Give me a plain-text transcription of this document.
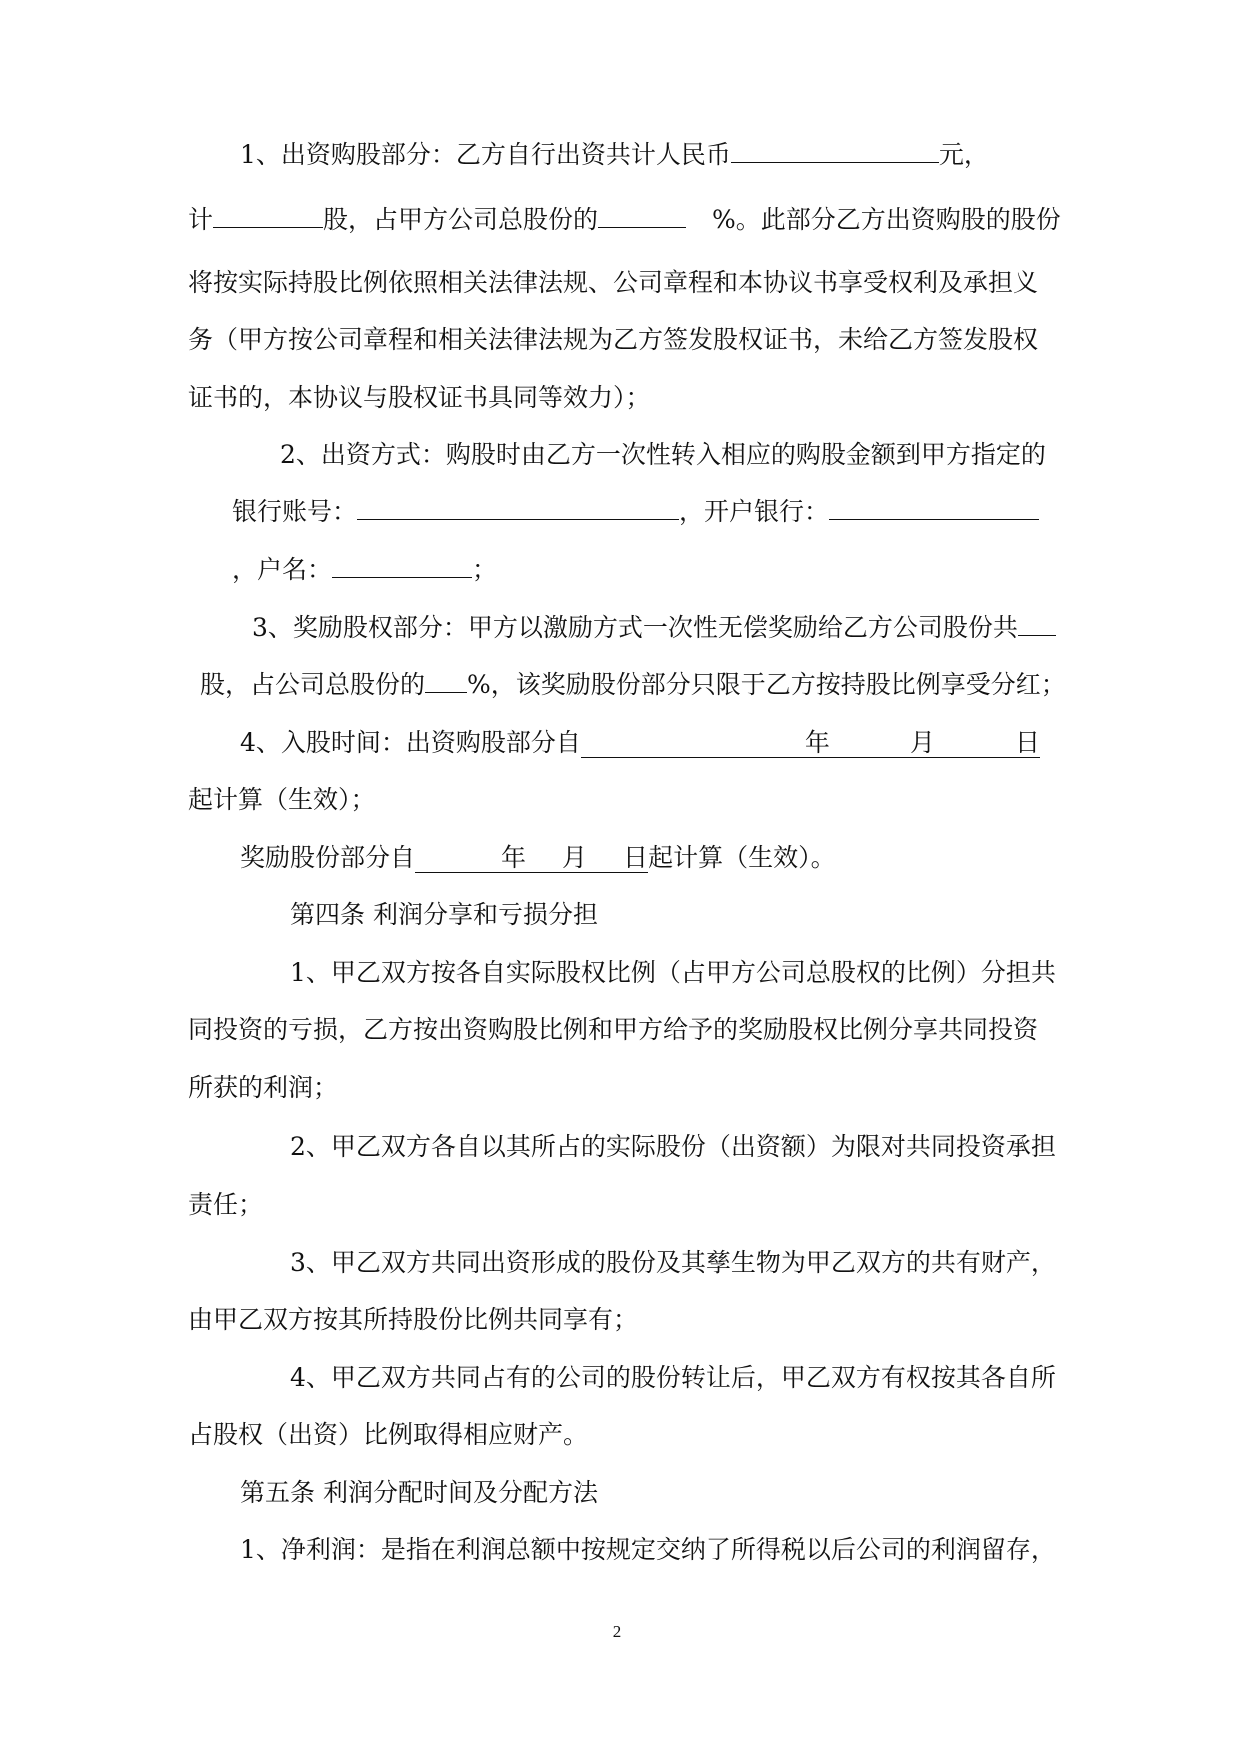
1、出资购股部分：乙方自行出资共计人民币	元，
计	股，占甲方公司总股份的	%。此部分乙方出资购股的股份
将按实际持股比例依照相关法律法规、公司章程和本协议书享受权利及承担义
务（甲方按公司章程和相关法律法规为乙方签发股权证书，未给乙方签发股权
证书的，本协议与股权证书具同等效力）；
2、出资方式：购股时由乙方一次性转入相应的购股金额到甲方指定的
银行账号：	，开户银行：
，户名：	；
3、奖励股权部分：甲方以激励方式一次性无偿奖励给乙方公司股份共
股，占公司总股份的 %，该奖励股份部分只限于乙方按持股比例享受分红；
4、入股时间：出资购股部分自	年	月	日
起计算（生效）；
奖励股份部分自	年 月 日起计算（生效）。
第四条 利润分享和亏损分担
1、甲乙双方按各自实际股权比例（占甲方公司总股权的比例）分担共
同投资的亏损，乙方按出资购股比例和甲方给予的奖励股权比例分享共同投资
所获的利润；
2、甲乙双方各自以其所占的实际股份（出资额）为限对共同投资承担
责任；
3、甲乙双方共同出资形成的股份及其孳生物为甲乙双方的共有财产，
由甲乙双方按其所持股份比例共同享有；
4、甲乙双方共同占有的公司的股份转让后，甲乙双方有权按其各自所
占股权（出资）比例取得相应财产。
第五条 利润分配时间及分配方法
1、净利润：是指在利润总额中按规定交纳了所得税以后公司的利润留存，
2
